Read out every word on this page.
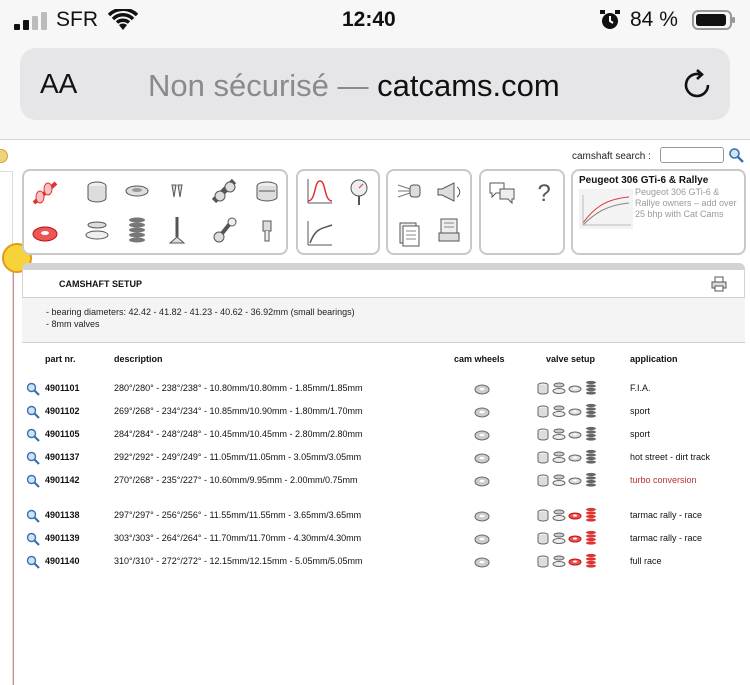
SFR	12:40	84 %
AA Non sécurisé — catcams.com
camshaft search :
?	Peugeot 306 GTi-6 & Rallye
Peugeot 306 GTi-6 & Rallye owners – add over 25 bhp with Cat Cams
CAMSHAFT SETUP
- bearing diameters: 42.42 - 41.82 - 41.23 - 40.62 - 36.92mm (small bearings)
- 8mm valves
part nr.	description	cam wheels	valve setup	application
4901101	280°/280° - 238°/238° - 10.80mm/10.80mm - 1.85mm/1.85mm	F.I.A.
4901102	269°/268° - 234°/234° - 10.85mm/10.90mm - 1.80mm/1.70mm	sport
4901105	284°/284° - 248°/248° - 10.45mm/10.45mm - 2.80mm/2.80mm	sport
4901137	292°/292° - 249°/249° - 11.05mm/11.05mm - 3.05mm/3.05mm	hot street - dirt track
4901142	270°/268° - 235°/227° - 10.60mm/9.95mm - 2.00mm/0.75mm	turbo conversion
4901138	297°/297° - 256°/256° - 11.55mm/11.55mm - 3.65mm/3.65mm	tarmac rally - race
4901139	303°/303° - 264°/264° - 11.70mm/11.70mm - 4.30mm/4.30mm	tarmac rally - race
4901140	310°/310° - 272°/272° - 12.15mm/12.15mm - 5.05mm/5.05mm	full race
